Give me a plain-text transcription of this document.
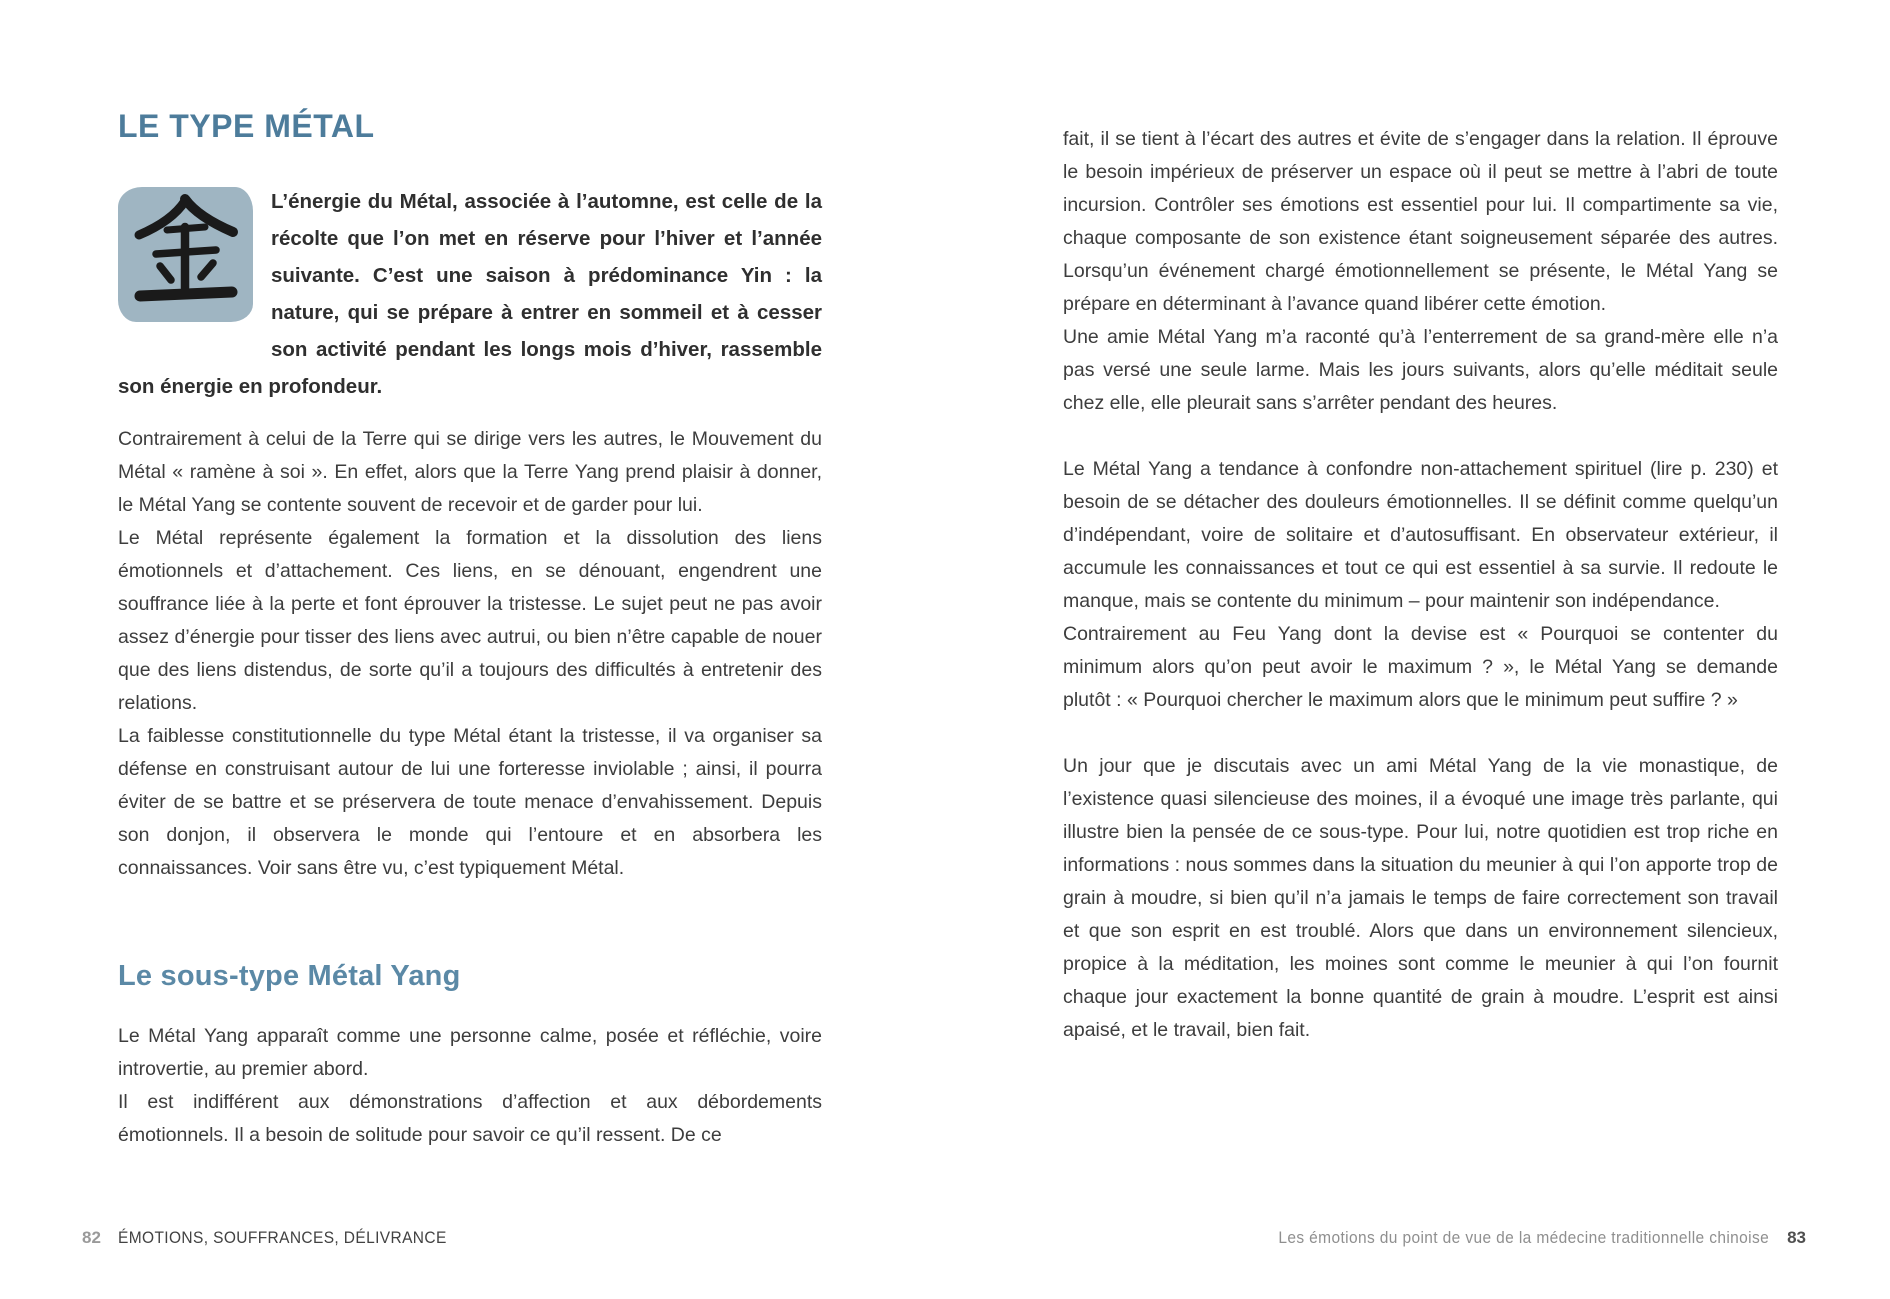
LE TYPE MÉTAL

L’énergie du Métal, associée à l’automne, est celle de la récolte que l’on met en réserve pour l’hiver et l’année suivante. C’est une saison à prédominance Yin : la nature, qui se prépare à entrer en sommeil et à cesser son activité pendant les longs mois d’hiver, rassemble son énergie en profondeur.

Contrairement à celui de la Terre qui se dirige vers les autres, le Mouvement du Métal « ramène à soi ». En effet, alors que la Terre Yang prend plaisir à donner, le Métal Yang se contente souvent de recevoir et de garder pour lui.

Le Métal représente également la formation et la dissolution des liens émotionnels et d’attachement. Ces liens, en se dénouant, engendrent une souffrance liée à la perte et font éprouver la tristesse. Le sujet peut ne pas avoir assez d’énergie pour tisser des liens avec autrui, ou bien n’être capable de nouer que des liens distendus, de sorte qu’il a toujours des difficultés à entretenir des relations.

La faiblesse constitutionnelle du type Métal étant la tristesse, il va organiser sa défense en construisant autour de lui une forteresse inviolable ; ainsi, il pourra éviter de se battre et se préservera de toute menace d’envahissement. Depuis son donjon, il observera le monde qui l’entoure et en absorbera les connaissances. Voir sans être vu, c’est typiquement Métal.

Le sous-type Métal Yang

Le Métal Yang apparaît comme une personne calme, posée et réfléchie, voire introvertie, au premier abord.

Il est indifférent aux démonstrations d’affection et aux débordements émotionnels. Il a besoin de solitude pour savoir ce qu’il ressent. De ce

fait, il se tient à l’écart des autres et évite de s’engager dans la relation. Il éprouve le besoin impérieux de préserver un espace où il peut se mettre à l’abri de toute incursion. Contrôler ses émotions est essentiel pour lui. Il compartimente sa vie, chaque composante de son existence étant soigneusement séparée des autres. Lorsqu’un événement chargé émotionnellement se présente, le Métal Yang se prépare en déterminant à l’avance quand libérer cette émotion.

Une amie Métal Yang m’a raconté qu’à l’enterrement de sa grand-mère elle n’a pas versé une seule larme. Mais les jours suivants, alors qu’elle méditait seule chez elle, elle pleurait sans s’arrêter pendant des heures.

Le Métal Yang a tendance à confondre non-attachement spirituel (lire p. 230) et besoin de se détacher des douleurs émotionnelles. Il se définit comme quelqu’un d’indépendant, voire de solitaire et d’autosuffisant. En observateur extérieur, il accumule les connaissances et tout ce qui est essentiel à sa survie. Il redoute le manque, mais se contente du minimum – pour maintenir son indépendance.

Contrairement au Feu Yang dont la devise est « Pourquoi se contenter du minimum alors qu’on peut avoir le maximum ? », le Métal Yang se demande plutôt : « Pourquoi chercher le maximum alors que le minimum peut suffire ? »

Un jour que je discutais avec un ami Métal Yang de la vie monastique, de l’existence quasi silencieuse des moines, il a évoqué une image très parlante, qui illustre bien la pensée de ce sous-type. Pour lui, notre quotidien est trop riche en informations : nous sommes dans la situation du meunier à qui l’on apporte trop de grain à moudre, si bien qu’il n’a jamais le temps de faire correctement son travail et que son esprit en est troublé. Alors que dans un environnement silencieux, propice à la méditation, les moines sont comme le meunier à qui l’on fournit chaque jour exactement la bonne quantité de grain à moudre. L’esprit est ainsi apaisé, et le travail, bien fait.

82 ÉMOTIONS, SOUFFRANCES, DÉLIVRANCE	Les émotions du point de vue de la médecine traditionnelle chinoise 83
